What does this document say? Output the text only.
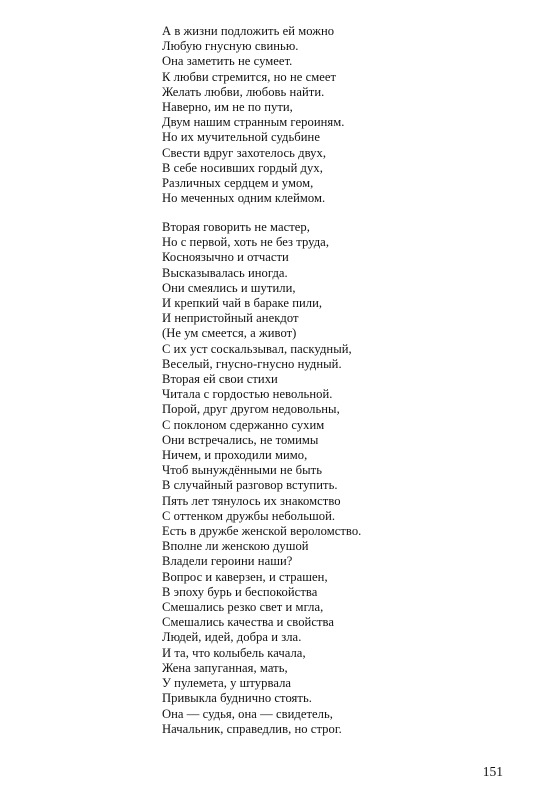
А в жизни подложить ей можно
Любую гнусную свинью.
Она заметить не сумеет.
К любви стремится, но не смеет
Желать любви, любовь найти.
Наверно, им не по пути,
Двум нашим странным героиням.
Но их мучительной судьбине
Свести вдруг захотелось двух,
В себе носивших гордый дух,
Различных сердцем и умом,
Но меченных одним клеймом.
Вторая говорить не мастер,
Но с первой, хоть не без труда,
Косноязычно и отчасти
Высказывалась иногда.
Они смеялись и шутили,
И крепкий чай в бараке пили,
И непристойный анекдот
(Не ум смеется, а живот)
С их уст соскальзывал, паскудный,
Веселый, гнусно-гнусно нудный.
Вторая ей свои стихи
Читала с гордостью невольной.
Порой, друг другом недовольны,
С поклоном сдержанно сухим
Они встречались, не томимы
Ничем, и проходили мимо,
Чтоб вынуждёнными не быть
В случайный разговор вступить.
Пять лет тянулось их знакомство
С оттенком дружбы небольшой.
Есть в дружбе женской вероломство.
Вполне ли женскою душой
Владели героини наши?
Вопрос и каверзен, и страшен,
В эпоху бурь и беспокойства
Смешались резко свет и мгла,
Смешались качества и свойства
Людей, идей, добра и зла.
И та, что колыбель качала,
Жена запуганная, мать,
У пулемета, у штурвала
Привыкла буднично стоять.
Она — судья, она — свидетель,
Начальник, справедлив, но строг.
151
